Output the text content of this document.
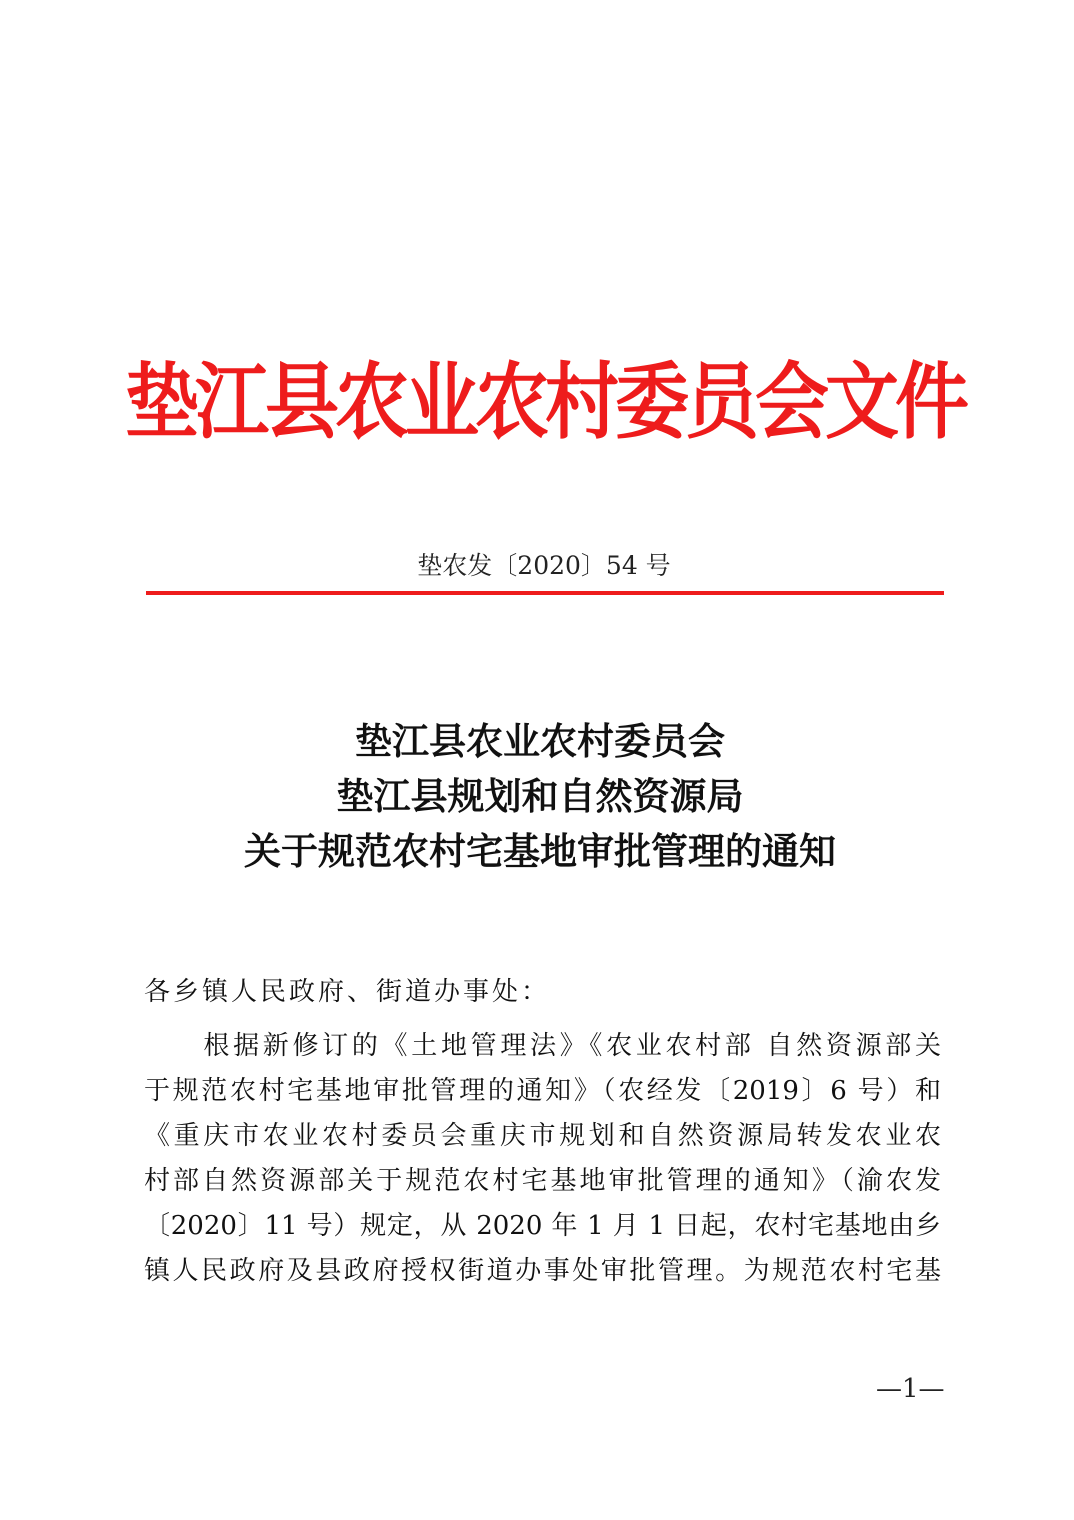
垫江县农业农村委员会文件
垫农发〔2020〕54 号
垫江县农业农村委员会
垫江县规划和自然资源局
关于规范农村宅基地审批管理的通知
各乡镇人民政府、街道办事处：
　　根据新修订的《土地管理法》《农业农村部 自然资源部关
于规范农村宅基地审批管理的通知》（农经发〔2019〕6 号）和
《重庆市农业农村委员会重庆市规划和自然资源局转发农业农
村部自然资源部关于规范农村宅基地审批管理的通知》（渝农发
〔2020〕11 号）规定，从 2020 年 1 月 1 日起，农村宅基地由乡
镇人民政府及县政府授权街道办事处审批管理。为规范农村宅基
—1—
